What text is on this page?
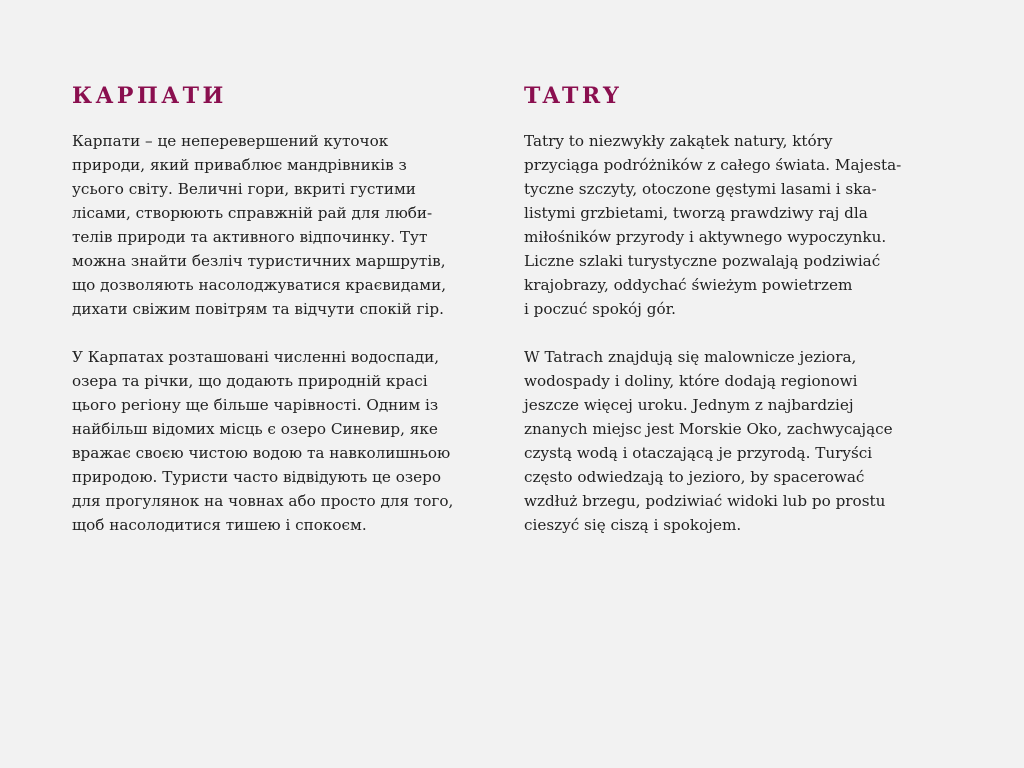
КАРПАТИ

Карпати – це неперевершений куточок
природи, який приваблює мандрівників з
усього світу. Величні гори, вкриті густими
лісами, створюють справжній рай для люби-
телів природи та активного відпочинку. Тут
можна знайти безліч туристичних маршрутів,
що дозволяють насолоджуватися краєвидами,
дихати свіжим повітрям та відчути спокій гір.

У Карпатах розташовані численні водоспади,
озера та річки, що додають природній красі
цього регіону ще більше чарівності. Одним із
найбільш відомих місць є озеро Синевир, яке
вражає своєю чистою водою та навколишньою
природою. Туристи часто відвідують це озеро
для прогулянок на човнах або просто для того,
щоб насолодитися тишею і спокоєм.

TATRY

Tatry to niezwykły zakątek natury, który
przyciąga podróżników z całego świata. Majesta-
tyczne szczyty, otoczone gęstymi lasami i ska-
listymi grzbietami, tworzą prawdziwy raj dla
miłośników przyrody i aktywnego wypoczynku.
Liczne szlaki turystyczne pozwalają podziwiać
krajobrazy, oddychać świeżym powietrzem
i poczuć spokój gór.

W Tatrach znajdują się malownicze jeziora,
wodospady i doliny, które dodają regionowi
jeszcze więcej uroku. Jednym z najbardziej
znanych miejsc jest Morskie Oko, zachwycające
czystą wodą i otaczającą je przyrodą. Turyści
często odwiedzają to jezioro, by spacerować
wzdłuż brzegu, podziwiać widoki lub po prostu
cieszyć się ciszą i spokojem.
